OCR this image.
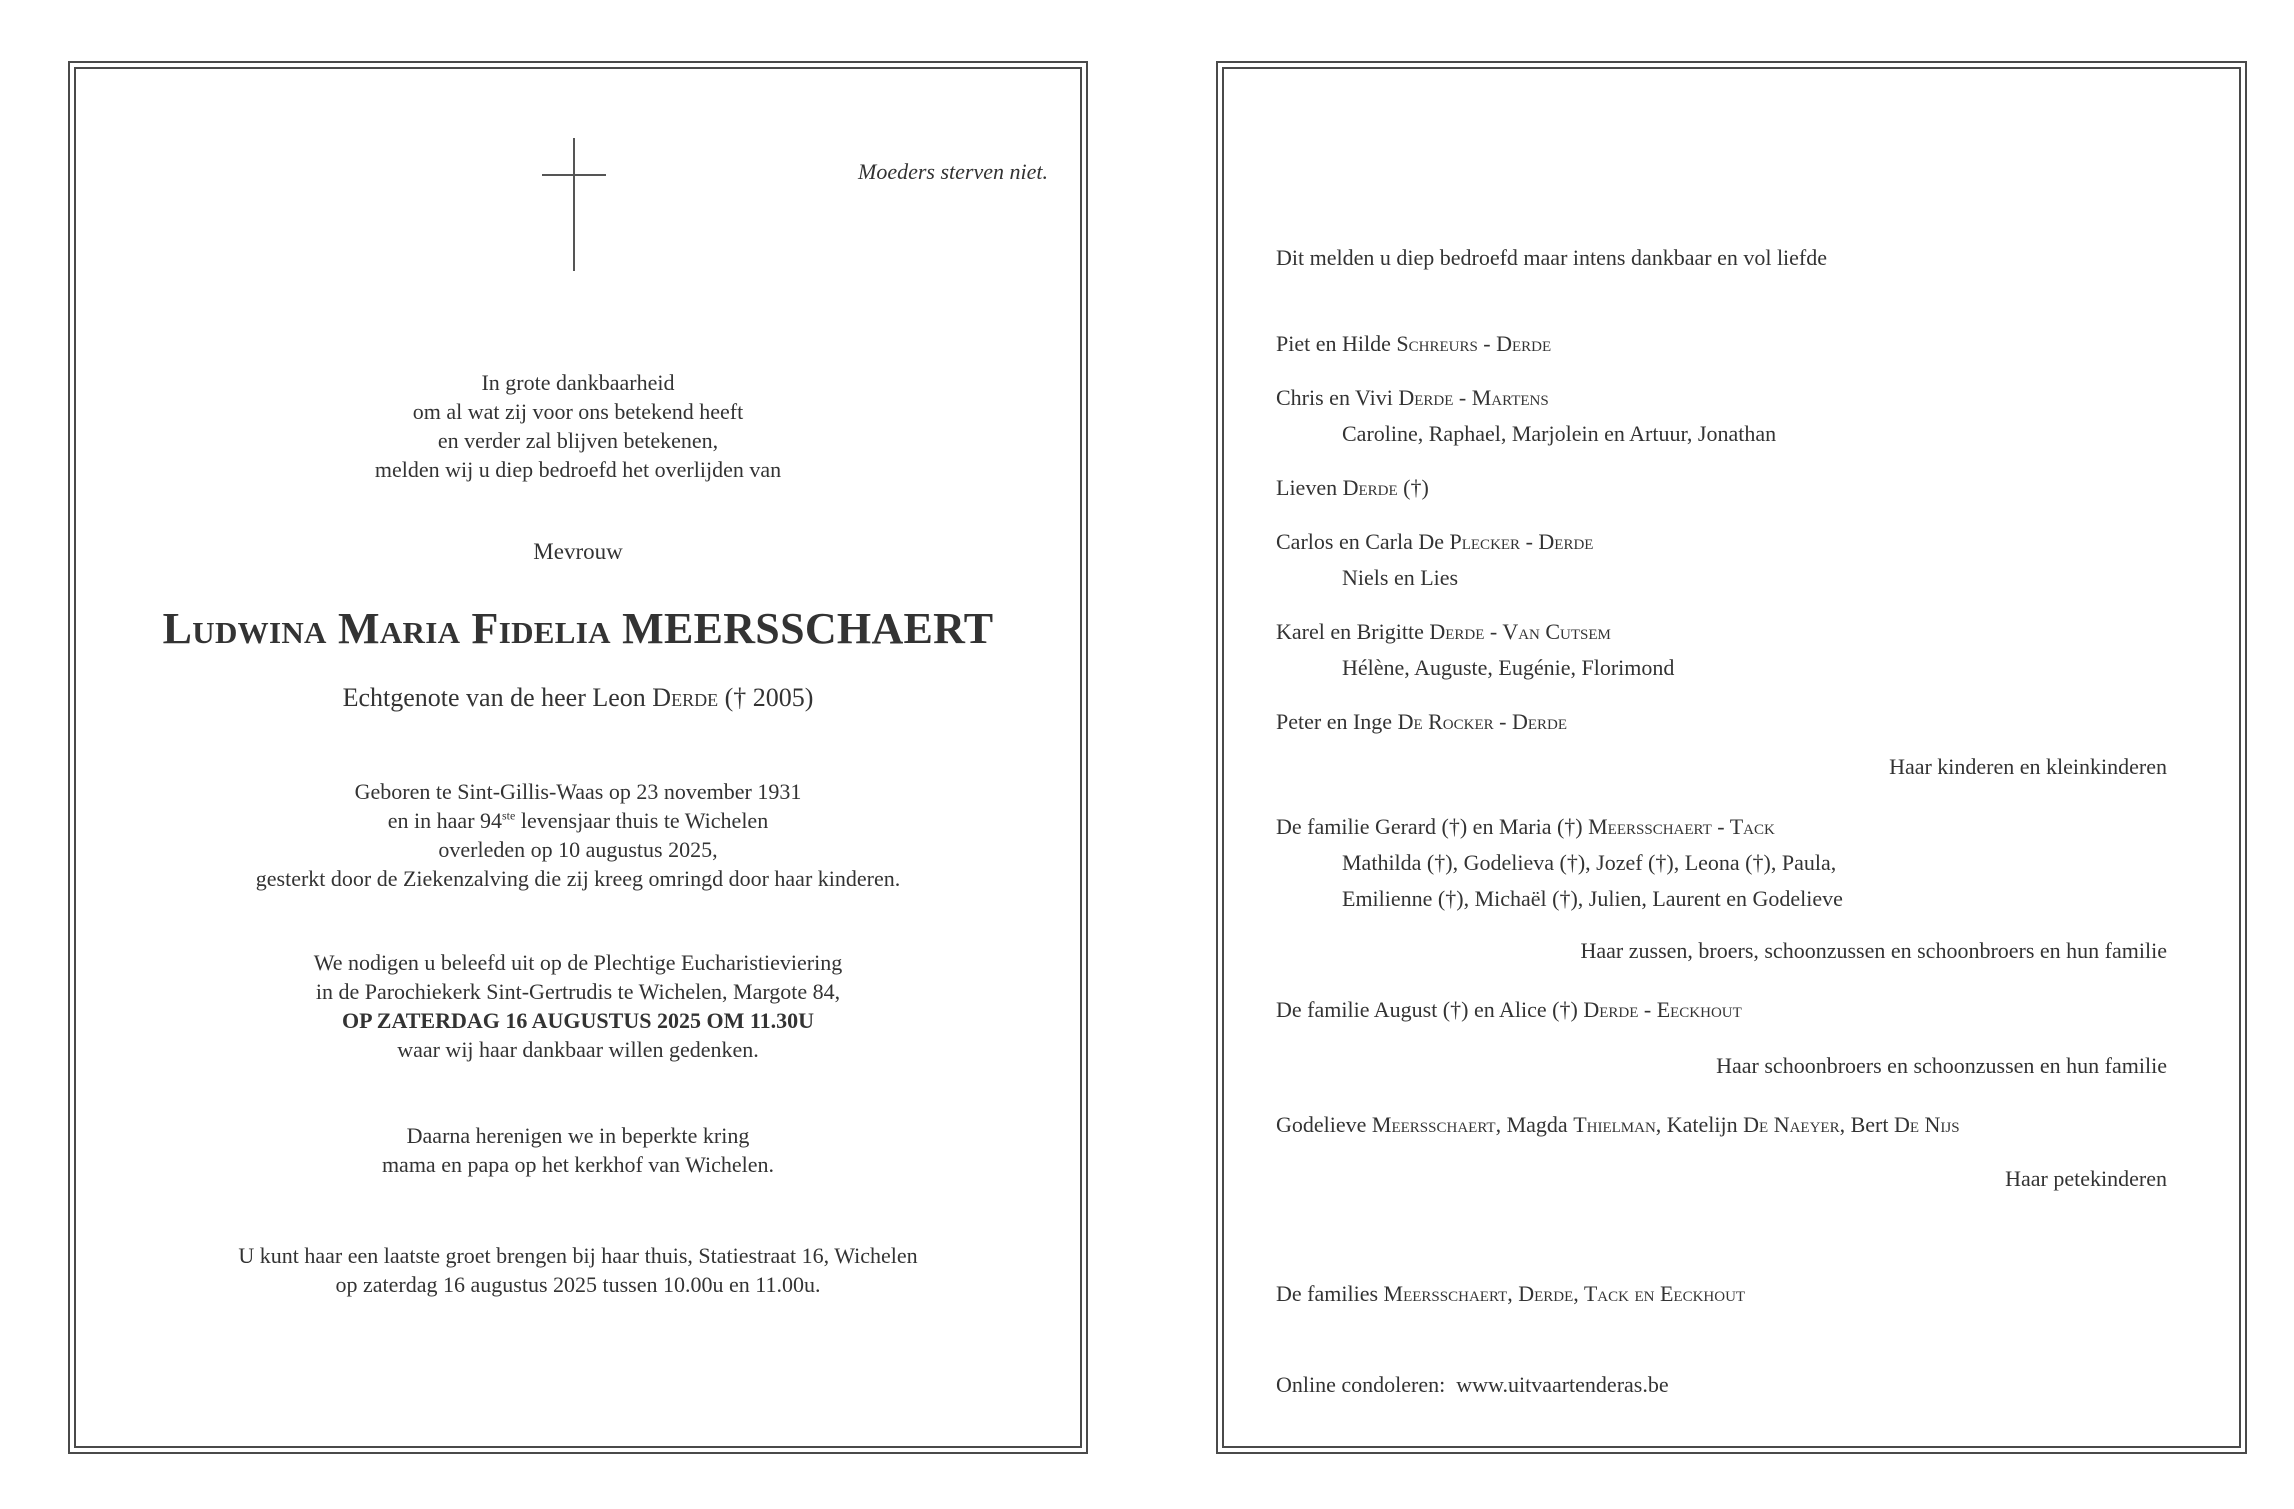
Moeders sterven niet.
In grote dankbaarheid
om al wat zij voor ons betekend heeft
en verder zal blijven betekenen,
melden wij u diep bedroefd het overlijden van
Mevrouw
Ludwina Maria Fidelia MEERSSCHAERT
Echtgenote van de heer Leon Derde († 2005)
Geboren te Sint-Gillis-Waas op 23 november 1931
en in haar 94ste levensjaar thuis te Wichelen
overleden op 10 augustus 2025,
gesterkt door de Ziekenzalving die zij kreeg omringd door haar kinderen.
We nodigen u beleefd uit op de Plechtige Eucharistieviering
in de Parochiekerk Sint-Gertrudis te Wichelen, Margote 84,
OP ZATERDAG 16 AUGUSTUS 2025 OM 11.30U
waar wij haar dankbaar willen gedenken.
Daarna herenigen we in beperkte kring
mama en papa op het kerkhof van Wichelen.
U kunt haar een laatste groet brengen bij haar thuis, Statiestraat 16, Wichelen
op zaterdag 16 augustus 2025 tussen 10.00u en 11.00u.
Dit melden u diep bedroefd maar intens dankbaar en vol liefde
Piet en Hilde Schreurs - Derde
Chris en Vivi Derde - Martens
Caroline, Raphael, Marjolein en Artuur, Jonathan
Lieven Derde (†)
Carlos en Carla De Plecker - Derde
Niels en Lies
Karel en Brigitte Derde - Van Cutsem
Hélène, Auguste, Eugénie, Florimond
Peter en Inge De Rocker - Derde
Haar kinderen en kleinkinderen
De familie Gerard (†) en Maria (†) Meersschaert - Tack
Mathilda (†), Godelieva (†), Jozef (†), Leona (†), Paula,
Emilienne (†), Michaël (†), Julien, Laurent en Godelieve
Haar zussen, broers, schoonzussen en schoonbroers en hun familie
De familie August (†) en Alice (†) Derde - Eeckhout
Haar schoonbroers en schoonzussen en hun familie
Godelieve Meersschaert, Magda Thielman, Katelijn De Naeyer, Bert De Nijs
Haar petekinderen
De families Meersschaert, Derde, Tack en Eeckhout
Online condoleren:  www.uitvaartenderas.be
